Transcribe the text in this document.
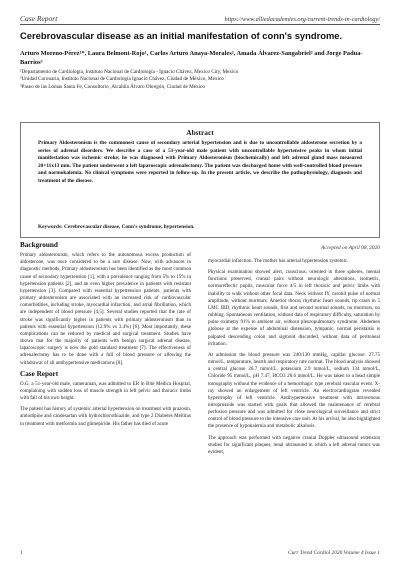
Case Report	https://www.alliedacademies.org/current-trends-in-cardiology/
Cerebrovascular disease as an initial manifestation of conn's syndrome.
Arturo Moreno-Pérez¹*, Laura Belmont-Rojo¹, Carlos Arturo Anaya-Morales², Amada Álvarez-Sangabriel² and Jorge Padua-Barrios³
¹Departamento de Cardiología, Instituto Nacional de Cardiología - Ignacio Chávez, Mexico City, Mexico
²Unidad Coronaria, Instituto Nacional de Cardiología Ignacio Chávez, Ciudad de México, Mexico
³Paseo de las Lomas Santa Fe, Consultorio ,Alcaldía Álvaro Obregón, Ciudad de México
Abstract
Primary Aldosteronism is the commonest cause of secondary arterial hypertension and is due to uncontrollable aldosterone secretion by a series of adrenal disorders. We describe a case of a 51-year-old male patient with uncontrollable hypertensive peaks in whom initial manifestation was ischemic stroke; he was diagnosed with Primary Aldosteronism (biochemically) and left adrenal gland mass measured 20×11x13 mm. The patient underwent a left laparoscopic adrenalectomy. The patient was discharged home with well-controlled blood pressure and normokalemia. No clinical symptoms were reported in follow-up. In the present article, we describe the pathophysiology, diagnosis and treatment of the disease.
Keywords: Cerebrovascular disease, Conn's syndrome, hypertension.
Accepted on April 08, 2020
Background

Primary aldosteronism, which refers to the autonomous excess production of aldosterone, was once considered to be a rare disease. Now, with advances in diagnostic methods, Primary aldosteronism has been identified as the most common cause of secondary hypertension [1], with a prevalence ranging from 5% to 15% in hypertension patients [2], and an even higher prevalence in patients with resistant hypertension [3]. Compared with essential hypertension patients, patients with primary aldosteronism are associated with an increased risk of cardiovascular comorbidities, including stroke, myocardial infarction, and atrial fibrillation, which are independent of blood pressure [4,5]. Several studies reported that the rate of stroke was significantly higher in patients with primary aldosteronism than in patients with essential hypertension (12.9% vs 3.4%) [6]. Most importantly, these complications can be reduced by medical and surgical treatment. Studies have shown that for the majority of patients with benign surgical adrenal disease, laparoscopic surgery is now the gold standard treatment [7]. The effectiveness of adrenalectomy has to be done with a full of blood pressure or allowing the withdrawal of all antihypertensive medications [8].

Case Report

O.G. a 51-year-old male, cameraman, was admitted to ER in Bité Medica Hospital, complaining with sudden loss of muscle strength in left pelvic and thoracic limbs with fall of his own height.

The patient has history of systemic arterial hypertension on treatment with prazosin, amlodipine and candesartan with hydrochlorothiazide, and type 2 Diabetes Mellitus in treatment with metformin and glimepiride. His father has died of acute

myocardial infarction. The mother has arterial hypertension systemic.

Physical examination showed alert, conscious, oriented in three spheres, mental functions preserved, cranial pairs without neurologic alterations, isometric, normoreflectic pupils, muscular force 4/5 in left thoracic and pelvic limbs with inability to walk without other focal data. Neck without IY, carotid pulse of normal amplitude, without murmurs. Anterior thorax rhythmic heart sounds, tip crash in 5 LMC IBD, rhythmic heart sounds, first and second normal sounds, no murmurs, no rubbing. Spontaneous ventilation, without data of respiratory difficulty, saturation by pulse oximetry 91% to ambient air, without pleuropulmonary syndrome. Abdomen globose at the expense of abdominal distension, tympanic, normal peristalsis is palpated descending colon and sigmoid discarded, without data of peritoneal irritation.

At admission the blood pressure was 240/130 mmHg, capillar glucose: 27.75 mmol/L, temperature, hearth and respiratory rate normal. The blood analysis showed a central glucose 26.7 mmol/L, potassium 2.9 mmol/L, sodium 134 mmol/L, Chloride 95 mmol/L, pH 7.47, HCO3 20.6 mmol/L. He was taken to a head simple tomography without the evidence of a hemorrhagic type cerebral vascular event. X-ray showed an enlargement of left ventricle. An electrocardiogram revealed hypertrophy of left ventricle. Antihypertensive treatment with intravenous nitroprusside was started with goals that allowed the maintenance of cerebral perfusion pressure and was admitted for close neurological surveillance and strict control of blood pressure to the intensive care unit. At his arrival, he also highlighted the presence of hypokalemia and metabolic alkalosis.

The approach was performed with negative cranial Doppler ultrasound extension studies for significant plaques, renal ultrasound in which a left adrenal tumor was evident,

1	Curr Trend Cardiol 2020 Volume 4 Issue 1
